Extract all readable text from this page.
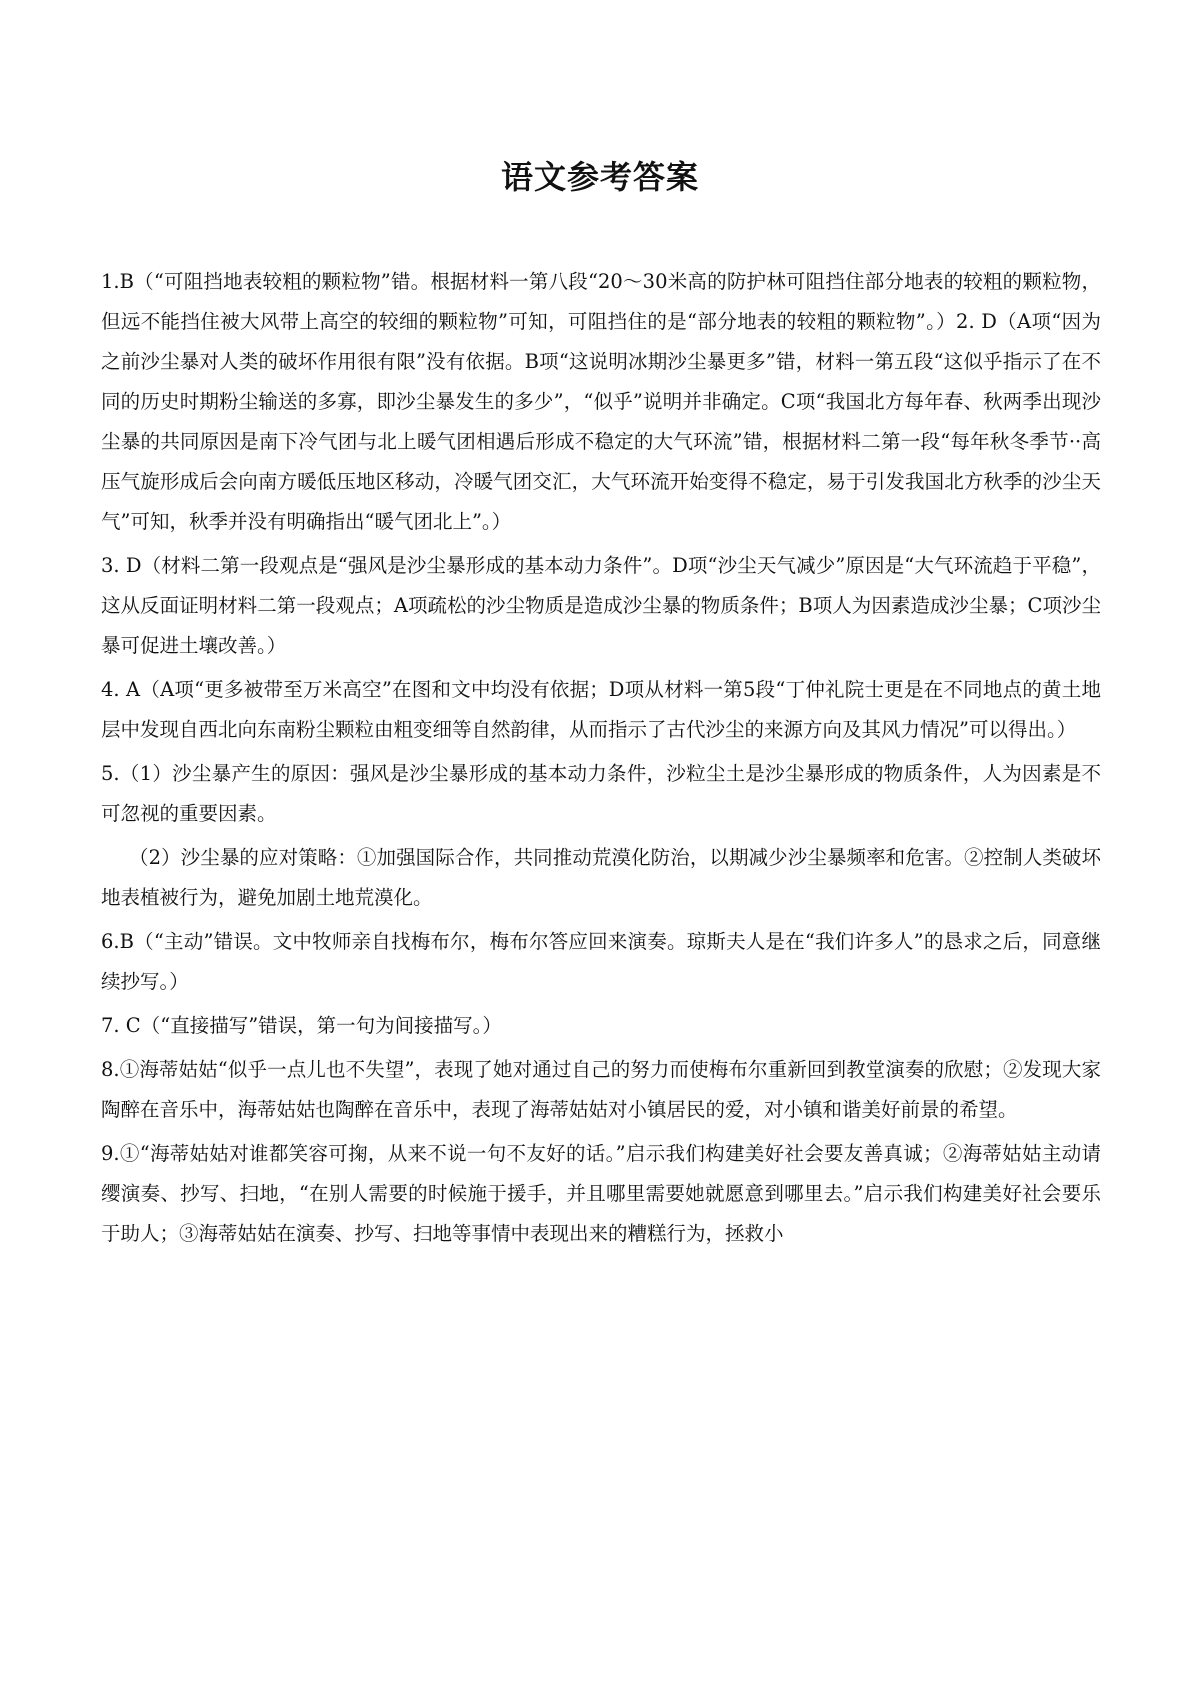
语文参考答案

1.B（“可阻挡地表较粗的颗粒物”错。根据材料一第八段“20～30米高的防护林可阻挡住部分地表的较粗的颗粒物，但远不能挡住被大风带上高空的较细的颗粒物”可知，可阻挡住的是“部分地表的较粗的颗粒物”。）2. D（A项“因为之前沙尘暴对人类的破坏作用很有限”没有依据。B项“这说明冰期沙尘暴更多”错，材料一第五段“这似乎指示了在不同的历史时期粉尘输送的多寡，即沙尘暴发生的多少”，“似乎”说明并非确定。C项“我国北方每年春、秋两季出现沙尘暴的共同原因是南下冷气团与北上暖气团相遇后形成不稳定的大气环流”错，根据材料二第一段“每年秋冬季节··高压气旋形成后会向南方暖低压地区移动，冷暖气团交汇，大气环流开始变得不稳定，易于引发我国北方秋季的沙尘天气”可知，秋季并没有明确指出“暖气团北上”。）

3. D（材料二第一段观点是“强风是沙尘暴形成的基本动力条件”。D项“沙尘天气减少”原因是“大气环流趋于平稳”，这从反面证明材料二第一段观点；A项疏松的沙尘物质是造成沙尘暴的物质条件；B项人为因素造成沙尘暴；C项沙尘暴可促进土壤改善。）

4. A（A项“更多被带至万米高空”在图和文中均没有依据；D项从材料一第5段“丁仲礼院士更是在不同地点的黄土地层中发现自西北向东南粉尘颗粒由粗变细等自然韵律，从而指示了古代沙尘的来源方向及其风力情况”可以得出。）

5.（1）沙尘暴产生的原因：强风是沙尘暴形成的基本动力条件，沙粒尘土是沙尘暴形成的物质条件，人为因素是不可忽视的重要因素。

（2）沙尘暴的应对策略：①加强国际合作，共同推动荒漠化防治，以期减少沙尘暴频率和危害。②控制人类破坏地表植被行为，避免加剧土地荒漠化。

6.B（“主动”错误。文中牧师亲自找梅布尔，梅布尔答应回来演奏。琼斯夫人是在“我们许多人”的恳求之后，同意继续抄写。）

7. C（“直接描写”错误，第一句为间接描写。）

8.①海蒂姑姑“似乎一点儿也不失望”，表现了她对通过自己的努力而使梅布尔重新回到教堂演奏的欣慰；②发现大家陶醉在音乐中，海蒂姑姑也陶醉在音乐中，表现了海蒂姑姑对小镇居民的爱，对小镇和谐美好前景的希望。

9.①“海蒂姑姑对谁都笑容可掬，从来不说一句不友好的话。”启示我们构建美好社会要友善真诚；②海蒂姑姑主动请缨演奏、抄写、扫地，“在别人需要的时候施于援手，并且哪里需要她就愿意到哪里去。”启示我们构建美好社会要乐于助人；③海蒂姑姑在演奏、抄写、扫地等事情中表现出来的糟糕行为，拯救小
